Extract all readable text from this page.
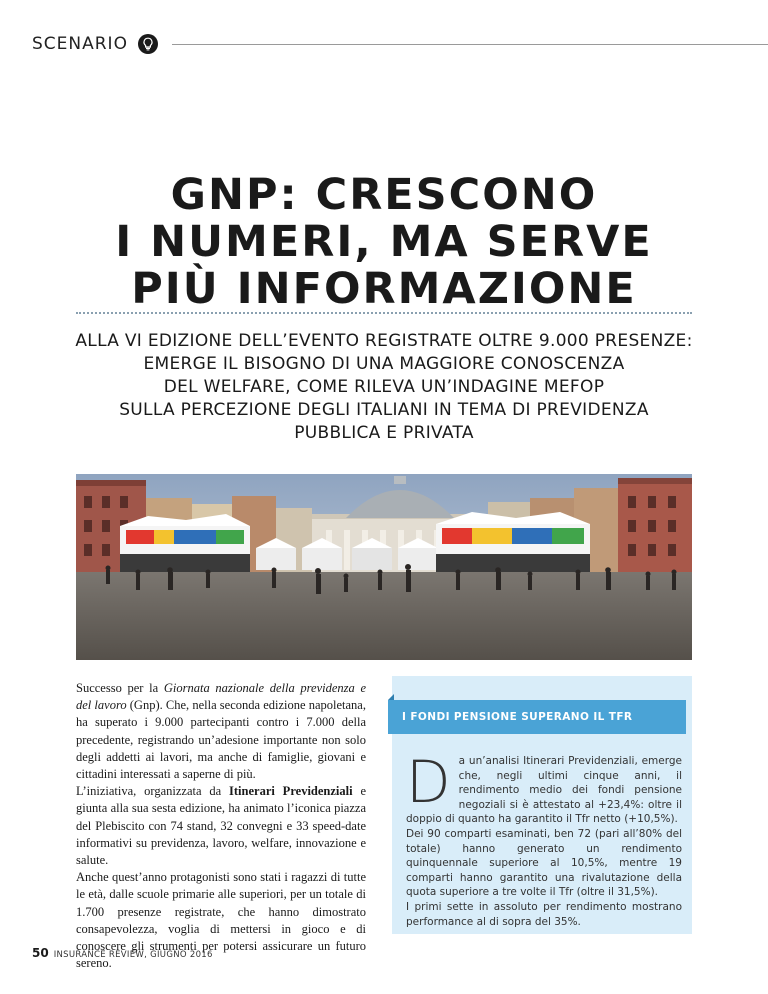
SCENARIO
GNP: CRESCONO
I NUMERI, MA SERVE
PIÙ INFORMAZIONE
ALLA VI EDIZIONE DELL’EVENTO REGISTRATE OLTRE 9.000 PRESENZE:
EMERGE IL BISOGNO DI UNA MAGGIORE CONOSCENZA
DEL WELFARE, COME RILEVA UN’INDAGINE MEFOP
SULLA PERCEZIONE DEGLI ITALIANI IN TEMA DI PREVIDENZA
PUBBLICA E PRIVATA

Successo per la Giornata nazionale della previdenza e del lavoro (Gnp). Che, nella seconda edizione napoletana, ha superato i 9.000 partecipanti contro i 7.000 della precedente, registrando un’adesione importante non solo degli addetti ai lavori, ma anche di famiglie, giovani e cittadini interessati a saperne di più.

L’iniziativa, organizzata da Itinerari Previdenziali e giunta alla sua sesta edizione, ha animato l’iconica piazza del Plebiscito con 74 stand, 32 convegni e 33 speed-date informativi su previdenza, lavoro, welfare, innovazione e salute.

Anche quest’anno protagonisti sono stati i ragazzi di tutte le età, dalle scuole primarie alle superiori, per un totale di 1.700 presenze registrate, che hanno dimostrato consapevolezza, voglia di mettersi in gioco e di conoscere gli strumenti per potersi assicurare un futuro sereno.

I FONDI PENSIONE SUPERANO IL TFR
D a un’analisi Itinerari Previdenziali, emerge che, negli ultimi cinque anni, il rendimento medio dei fondi pensione negoziali si è attestato al +23,4%: oltre il doppio di quanto ha garantito il Tfr netto (+10,5%).

Dei 90 comparti esaminati, ben 72 (pari all’80% del totale) hanno generato un rendimento quinquennale superiore al 10,5%, mentre 19 comparti hanno garantito una rivalutazione della quota superiore a tre volte il Tfr (oltre il 31,5%).

I primi sette in assoluto per rendimento mostrano performance al di sopra del 35%.

50 INSURANCE REVIEW, GIUGNO 2016
